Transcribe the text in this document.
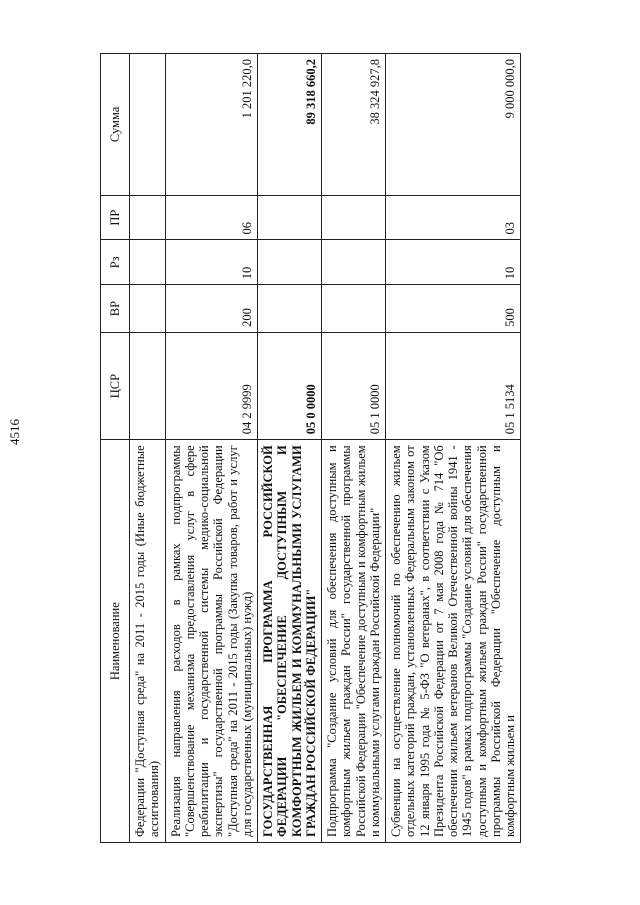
4516
Наименование	ЦСР	ВР	Рз	ПР	Сумма
Федерации "Доступная среда" на 2011 - 2015 годы (Иные бюджетные ассигнования)					
Реализация направления расходов в рамках подпрограммы "Совершенствование механизма предоставления услуг в сфере реабилитации и государственной системы медико-социальной экспертизы" государственной программы Российской Федерации "Доступная среда" на 2011 - 2015 годы (Закупка товаров, работ и услуг для государственных (муниципальных) нужд)	04 2 9999	200	10	06	1 201 220,0
ГОСУДАРСТВЕННАЯ ПРОГРАММА РОССИЙСКОЙ ФЕДЕРАЦИИ "ОБЕСПЕЧЕНИЕ ДОСТУПНЫМ И КОМФОРТНЫМ ЖИЛЬЕМ И КОММУНАЛЬНЫМИ УСЛУГАМИ ГРАЖДАН РОССИЙСКОЙ ФЕДЕРАЦИИ"	05 0 0000				89 318 660,2
Подпрограмма "Создание условий для обеспечения доступным и комфортным жильем граждан России" государственной программы Российской Федерации "Обеспечение доступным и комфортным жильем и коммунальными услугами граждан Российской Федерации"	05 1 0000				38 324 927,8
Субвенции на осуществление полномочий по обеспечению жильем отдельных категорий граждан, установленных Федеральным законом от 12 января 1995 года № 5-ФЗ "О ветеранах", в соответствии с Указом Президента Российской Федерации от 7 мая 2008 года № 714 "Об обеспечении жильем ветеранов Великой Отечественной войны 1941 - 1945 годов" в рамках подпрограммы "Создание условий для обеспечения доступным и комфортным жильем граждан России" государственной программы Российской Федерации "Обеспечение доступным и комфортным жильем и	05 1 5134	500	10	03	9 000 000,0
